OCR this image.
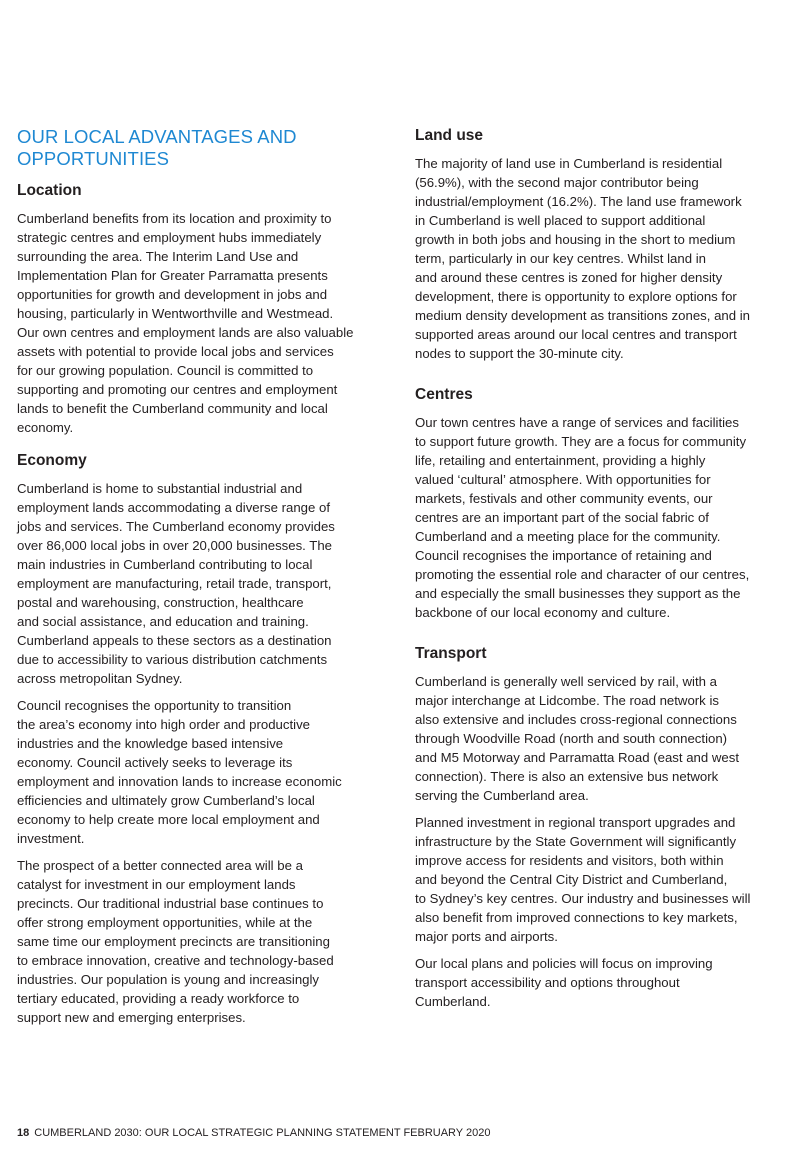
OUR LOCAL ADVANTAGES AND
OPPORTUNITIES
Location

Cumberland benefits from its location and proximity to
strategic centres and employment hubs immediately
surrounding the area. The Interim Land Use and
Implementation Plan for Greater Parramatta presents
opportunities for growth and development in jobs and
housing, particularly in Wentworthville and Westmead.
Our own centres and employment lands are also valuable
assets with potential to provide local jobs and services
for our growing population. Council is committed to
supporting and promoting our centres and employment
lands to benefit the Cumberland community and local
economy.

Economy

Cumberland is home to substantial industrial and
employment lands accommodating a diverse range of
jobs and services. The Cumberland economy provides
over 86,000 local jobs in over 20,000 businesses. The
main industries in Cumberland contributing to local
employment are manufacturing, retail trade, transport,
postal and warehousing, construction, healthcare
and social assistance, and education and training.
Cumberland appeals to these sectors as a destination
due to accessibility to various distribution catchments
across metropolitan Sydney.

Council recognises the opportunity to transition
the area’s economy into high order and productive
industries and the knowledge based intensive
economy. Council actively seeks to leverage its
employment and innovation lands to increase economic
efficiencies and ultimately grow Cumberland’s local
economy to help create more local employment and
investment.

The prospect of a better connected area will be a
catalyst for investment in our employment lands
precincts. Our traditional industrial base continues to
offer strong employment opportunities, while at the
same time our employment precincts are transitioning
to embrace innovation, creative and technology-based
industries. Our population is young and increasingly
tertiary educated, providing a ready workforce to
support new and emerging enterprises.

Land use

The majority of land use in Cumberland is residential
(56.9%), with the second major contributor being
industrial/employment (16.2%). The land use framework
in Cumberland is well placed to support additional
growth in both jobs and housing in the short to medium
term, particularly in our key centres. Whilst land in
and around these centres is zoned for higher density
development, there is opportunity to explore options for
medium density development as transitions zones, and in
supported areas around our local centres and transport
nodes to support the 30-minute city.

Centres

Our town centres have a range of services and facilities
to support future growth. They are a focus for community
life, retailing and entertainment, providing a highly
valued ‘cultural’ atmosphere. With opportunities for
markets, festivals and other community events, our
centres are an important part of the social fabric of
Cumberland and a meeting place for the community.
Council recognises the importance of retaining and
promoting the essential role and character of our centres,
and especially the small businesses they support as the
backbone of our local economy and culture.

Transport

Cumberland is generally well serviced by rail, with a
major interchange at Lidcombe. The road network is
also extensive and includes cross-regional connections
through Woodville Road (north and south connection)
and M5 Motorway and Parramatta Road (east and west
connection). There is also an extensive bus network
serving the Cumberland area.

Planned investment in regional transport upgrades and
infrastructure by the State Government will significantly
improve access for residents and visitors, both within
and beyond the Central City District and Cumberland,
to Sydney’s key centres. Our industry and businesses will
also benefit from improved connections to key markets,
major ports and airports.

Our local plans and policies will focus on improving
transport accessibility and options throughout
Cumberland.

18 CUMBERLAND 2030: OUR LOCAL STRATEGIC PLANNING STATEMENT FEBRUARY 2020
